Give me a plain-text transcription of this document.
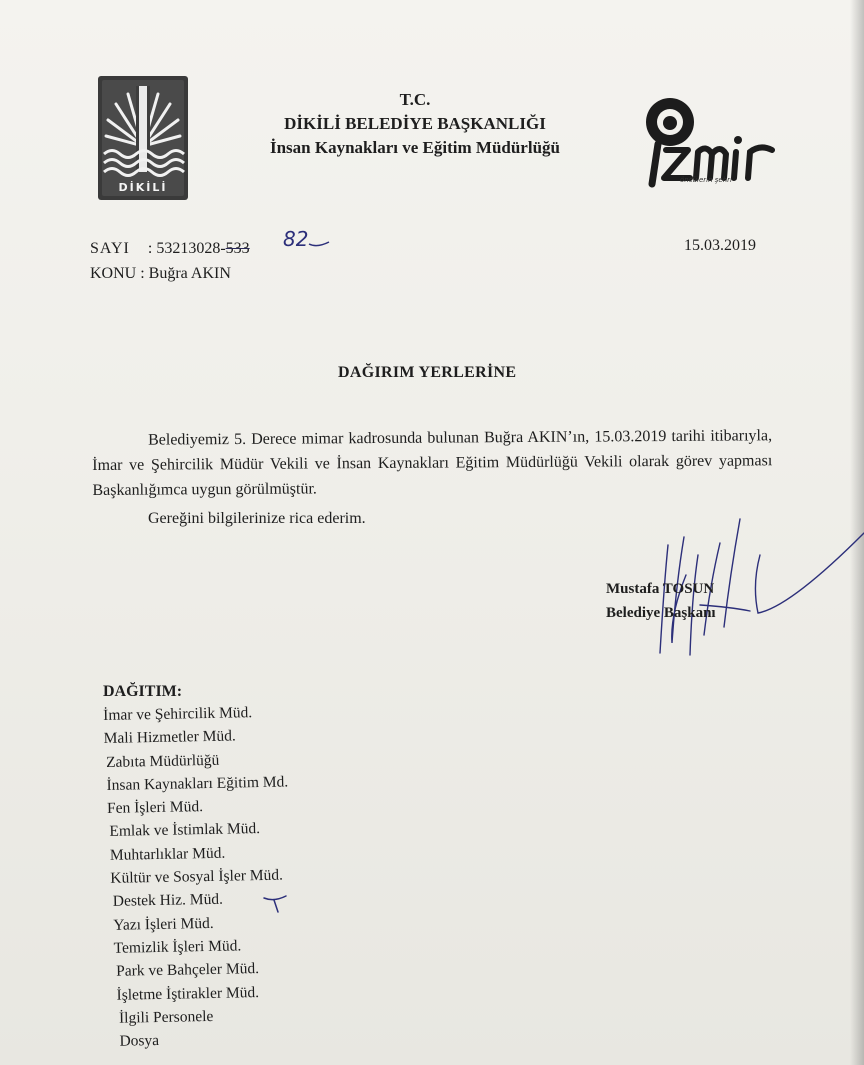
DİKİLİ
T.C.
DİKİLİ BELEDİYE BAŞKANLIĞI
İnsan Kaynakları ve Eğitim Müdürlüğü
öncülerin şehri
SAYI : 53213028-533 82	15.03.2019
KONU : Buğra AKIN
DAĞIRIM YERLERİNE

Belediyemiz 5. Derece mimar kadrosunda bulunan Buğra AKIN’ın, 15.03.2019 tarihi itibarıyla, İmar ve Şehircilik Müdür Vekili ve İnsan Kaynakları Eğitim Müdürlüğü Vekili olarak görev yapması Başkanlığımca uygun görülmüştür.

Gereğini bilgilerinize rica ederim.
Mustafa TOSUN
Belediye Başkanı
DAĞITIM:
İmar ve Şehircilik Müd.
Mali Hizmetler Müd.
Zabıta Müdürlüğü
İnsan Kaynakları Eğitim Md.
Fen İşleri Müd.
Emlak ve İstimlak Müd.
Muhtarlıklar Müd.
Kültür ve Sosyal İşler Müd.
Destek Hiz. Müd.
Yazı İşleri Müd.
Temizlik İşleri Müd.
Park ve Bahçeler Müd.
İşletme İştirakler Müd.
İlgili Personele
Dosya
